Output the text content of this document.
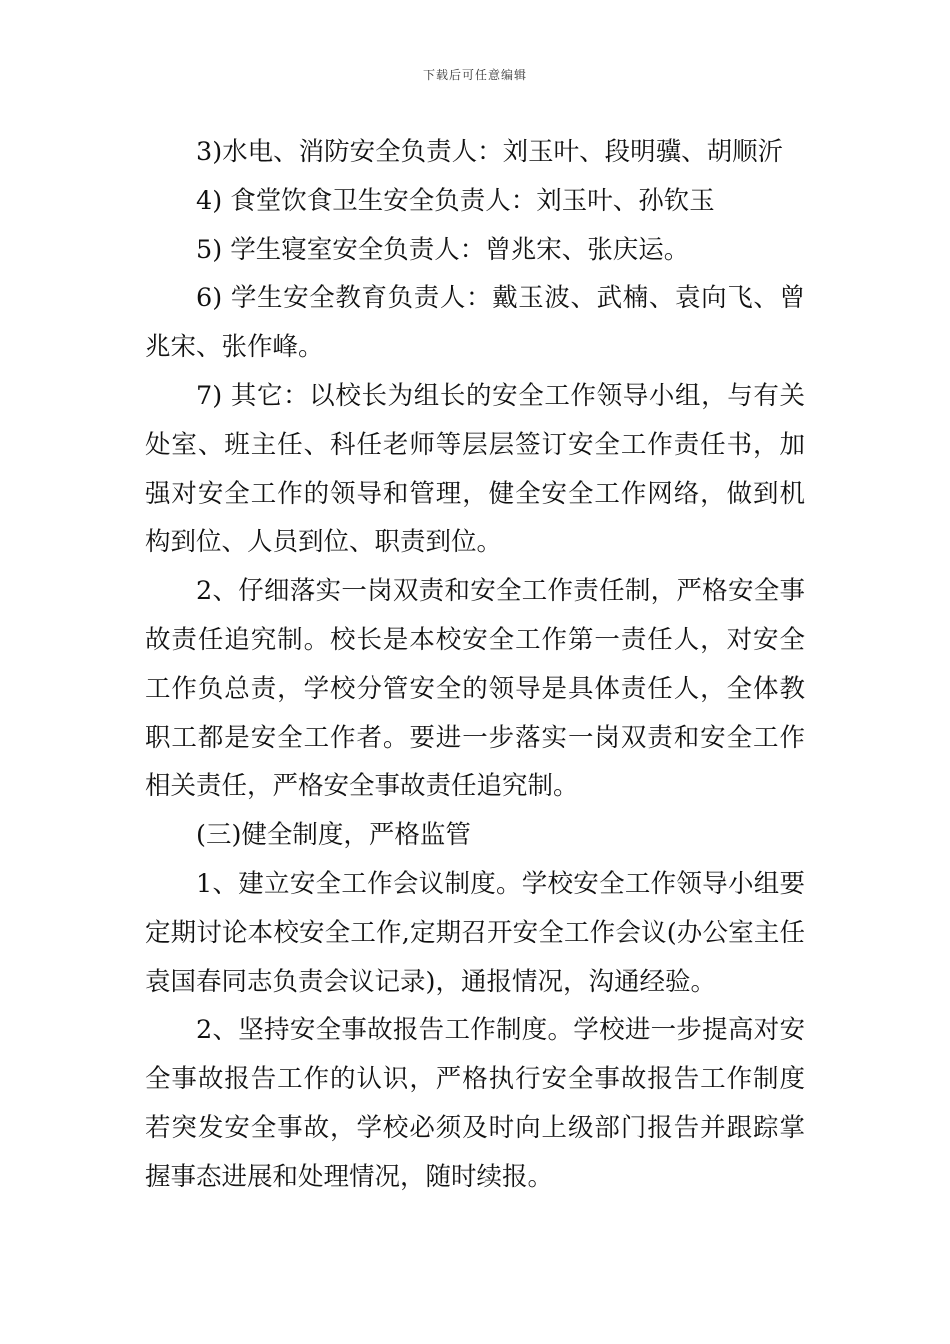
下载后可任意编辑

3)水电、消防安全负责人：刘玉叶、段明骥、胡顺沂

4) 食堂饮食卫生安全负责人：刘玉叶、孙钦玉

5) 学生寝室安全负责人：曾兆宋、张庆运。

6) 学生安全教育负责人：戴玉波、武楠、袁向飞、曾兆宋、张作峰。

7) 其它：以校长为组长的安全工作领导小组，与有关处室、班主任、科任老师等层层签订安全工作责任书，加强对安全工作的领导和管理，健全安全工作网络，做到机构到位、人员到位、职责到位。

2、仔细落实一岗双责和安全工作责任制，严格安全事故责任追究制。校长是本校安全工作第一责任人，对安全工作负总责，学校分管安全的领导是具体责任人，全体教职工都是安全工作者。要进一步落实一岗双责和安全工作相关责任，严格安全事故责任追究制。

(三)健全制度，严格监管

1、建立安全工作会议制度。学校安全工作领导小组要定期讨论本校安全工作,定期召开安全工作会议(办公室主任袁国春同志负责会议记录)，通报情况，沟通经验。

2、坚持安全事故报告工作制度。学校进一步提高对安全事故报告工作的认识，严格执行安全事故报告工作制度若突发安全事故，学校必须及时向上级部门报告并跟踪掌握事态进展和处理情况，随时续报。
